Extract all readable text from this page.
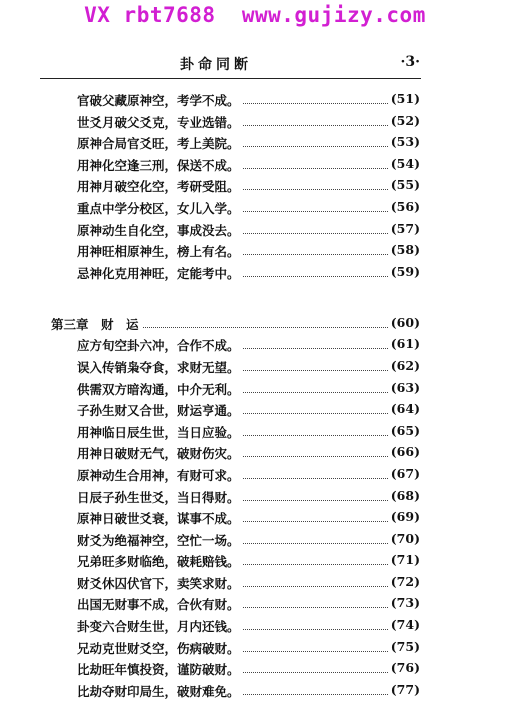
VX rbt7688  www.gujizy.com
卦命同断	·3·
官破父藏原神空，考学不成。	(51)
世爻月破父爻克，专业选错。	(52)
原神合局官爻旺，考上美院。	(53)
用神化空逢三刑，保送不成。	(54)
用神月破空化空，考研受阻。	(55)
重点中学分校区，女儿入学。	(56)
原神动生自化空，事成没去。	(57)
用神旺相原神生，榜上有名。	(58)
忌神化克用神旺，定能考中。	(59)
第三章　财　运	(60)
应方旬空卦六冲，合作不成。	(61)
误入传销枭夺食，求财无望。	(62)
供需双方暗沟通，中介无利。	(63)
子孙生财又合世，财运亨通。	(64)
用神临日辰生世，当日应验。	(65)
用神日破财无气，破财伤灾。	(66)
原神动生合用神，有财可求。	(67)
日辰子孙生世爻，当日得财。	(68)
原神日破世爻衰，谋事不成。	(69)
财爻为绝福神空，空忙一场。	(70)
兄弟旺多财临绝，破耗赔钱。	(71)
财爻休囚伏官下，卖笑求财。	(72)
出国无财事不成，合伙有财。	(73)
卦变六合财生世，月内还钱。	(74)
兄动克世财爻空，伤病破财。	(75)
比劫旺年慎投资，谨防破财。	(76)
比劫夺财印局生，破财难免。	(77)
